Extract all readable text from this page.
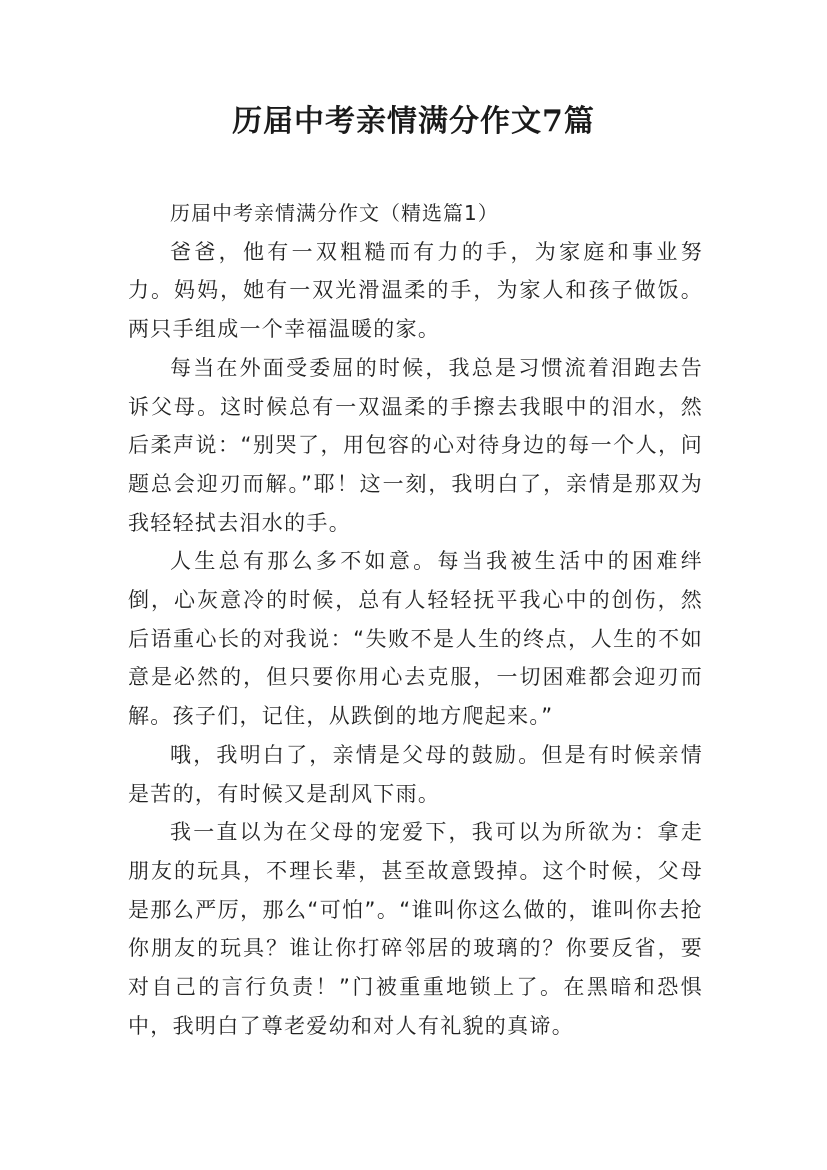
历届中考亲情满分作文7篇

历届中考亲情满分作文（精选篇1）

爸爸，他有一双粗糙而有力的手，为家庭和事业努力。妈妈，她有一双光滑温柔的手，为家人和孩子做饭。两只手组成一个幸福温暖的家。

每当在外面受委屈的时候，我总是习惯流着泪跑去告诉父母。这时候总有一双温柔的手擦去我眼中的泪水，然后柔声说：“别哭了，用包容的心对待身边的每一个人，问题总会迎刃而解。”耶！这一刻，我明白了，亲情是那双为我轻轻拭去泪水的手。

人生总有那么多不如意。每当我被生活中的困难绊倒，心灰意冷的时候，总有人轻轻抚平我心中的创伤，然后语重心长的对我说：“失败不是人生的终点，人生的不如意是必然的，但只要你用心去克服，一切困难都会迎刃而解。孩子们，记住，从跌倒的地方爬起来。”

哦，我明白了，亲情是父母的鼓励。但是有时候亲情是苦的，有时候又是刮风下雨。

我一直以为在父母的宠爱下，我可以为所欲为：拿走朋友的玩具，不理长辈，甚至故意毁掉。这个时候，父母是那么严厉，那么“可怕”。“谁叫你这么做的，谁叫你去抢你朋友的玩具？谁让你打碎邻居的玻璃的？你要反省，要对自己的言行负责！”门被重重地锁上了。在黑暗和恐惧中，我明白了尊老爱幼和对人有礼貌的真谛。
